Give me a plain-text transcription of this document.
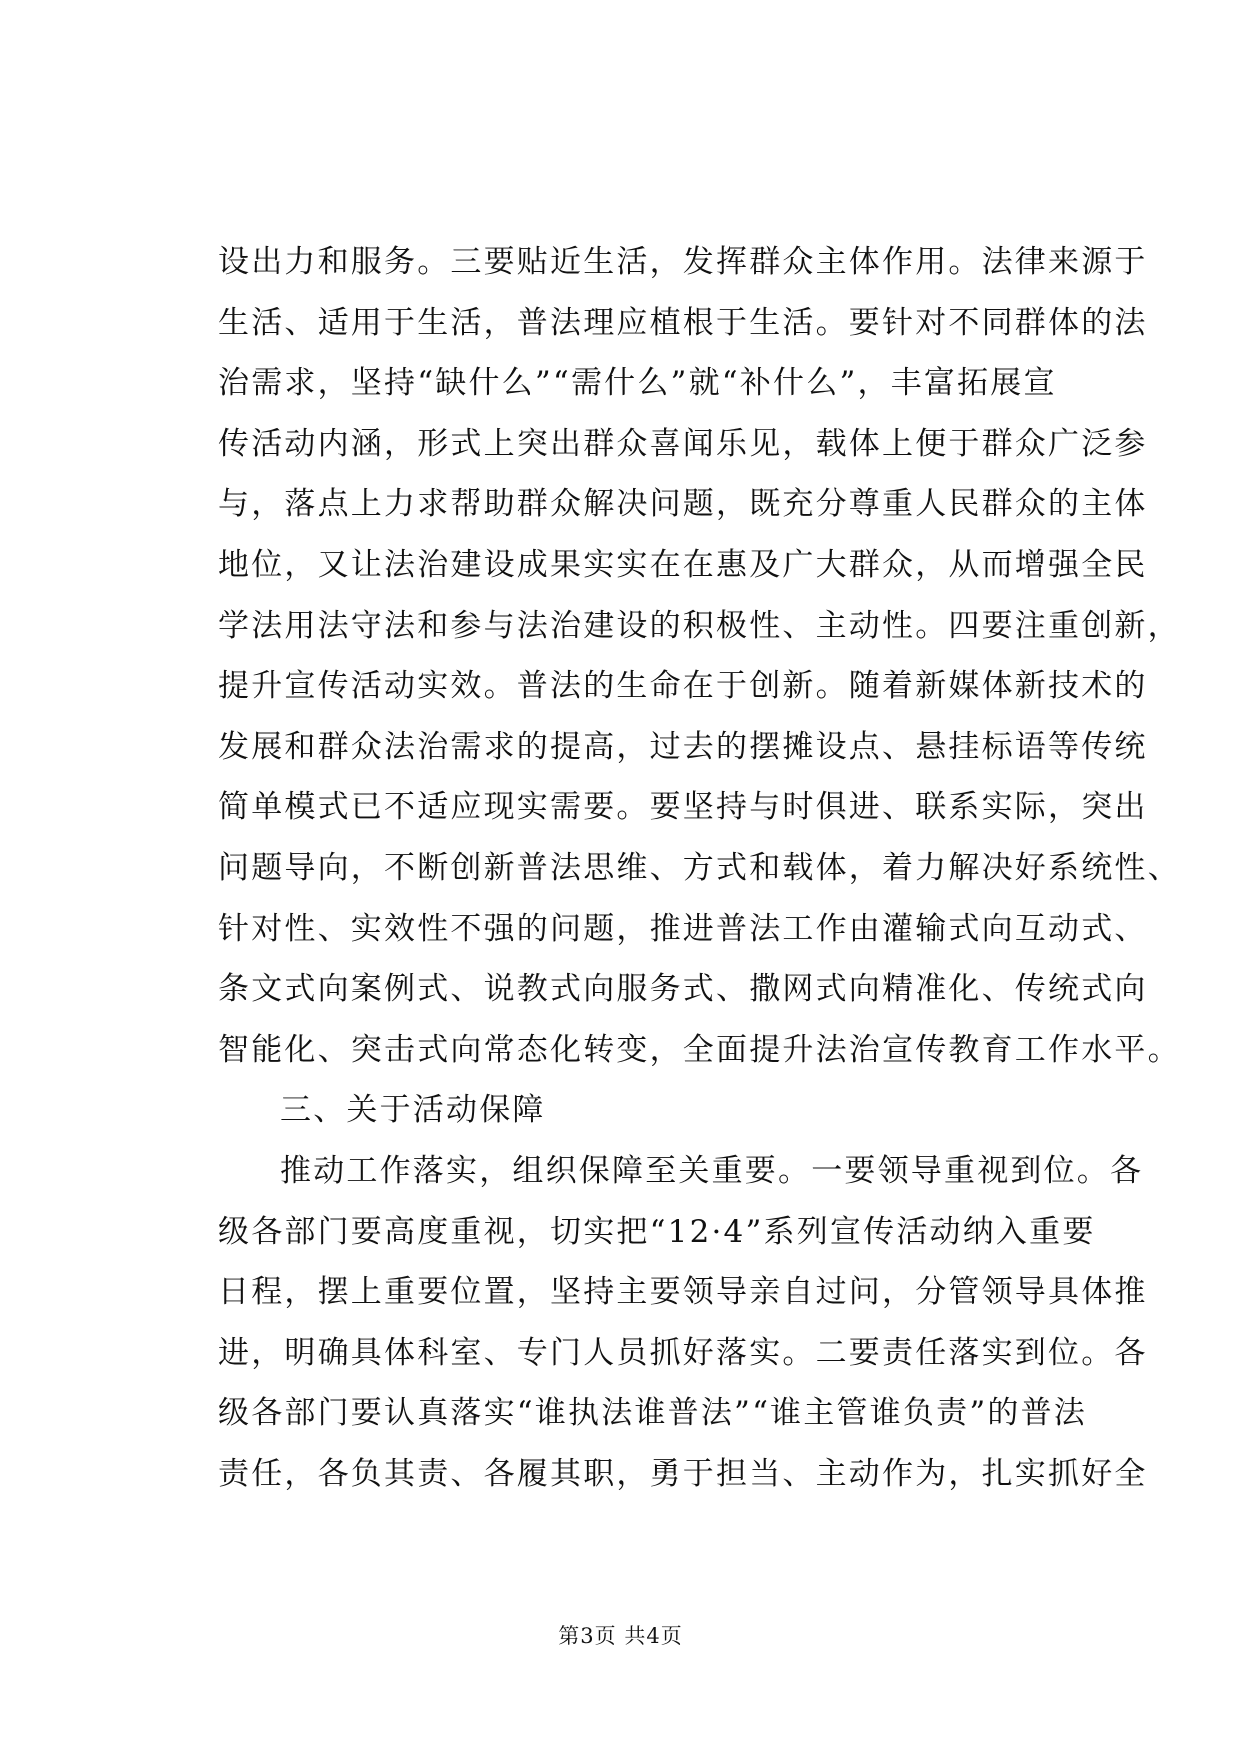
设出力和服务。三要贴近生活，发挥群众主体作用。法律来源于
生活、适用于生活，普法理应植根于生活。要针对不同群体的法
治需求，坚持“缺什么”“需什么”就“补什么”，丰富拓展宣
传活动内涵，形式上突出群众喜闻乐见，载体上便于群众广泛参
与，落点上力求帮助群众解决问题，既充分尊重人民群众的主体
地位，又让法治建设成果实实在在惠及广大群众，从而增强全民
学法用法守法和参与法治建设的积极性、主动性。四要注重创新，
提升宣传活动实效。普法的生命在于创新。随着新媒体新技术的
发展和群众法治需求的提高，过去的摆摊设点、悬挂标语等传统
简单模式已不适应现实需要。要坚持与时俱进、联系实际，突出
问题导向，不断创新普法思维、方式和载体，着力解决好系统性、
针对性、实效性不强的问题，推进普法工作由灌输式向互动式、
条文式向案例式、说教式向服务式、撒网式向精准化、传统式向
智能化、突击式向常态化转变，全面提升法治宣传教育工作水平。
三、关于活动保障
推动工作落实，组织保障至关重要。一要领导重视到位。各
级各部门要高度重视，切实把“12·4”系列宣传活动纳入重要
日程，摆上重要位置，坚持主要领导亲自过问，分管领导具体推
进，明确具体科室、专门人员抓好落实。二要责任落实到位。各
级各部门要认真落实“谁执法谁普法”“谁主管谁负责”的普法
责任，各负其责、各履其职，勇于担当、主动作为，扎实抓好全
第3页 共4页
